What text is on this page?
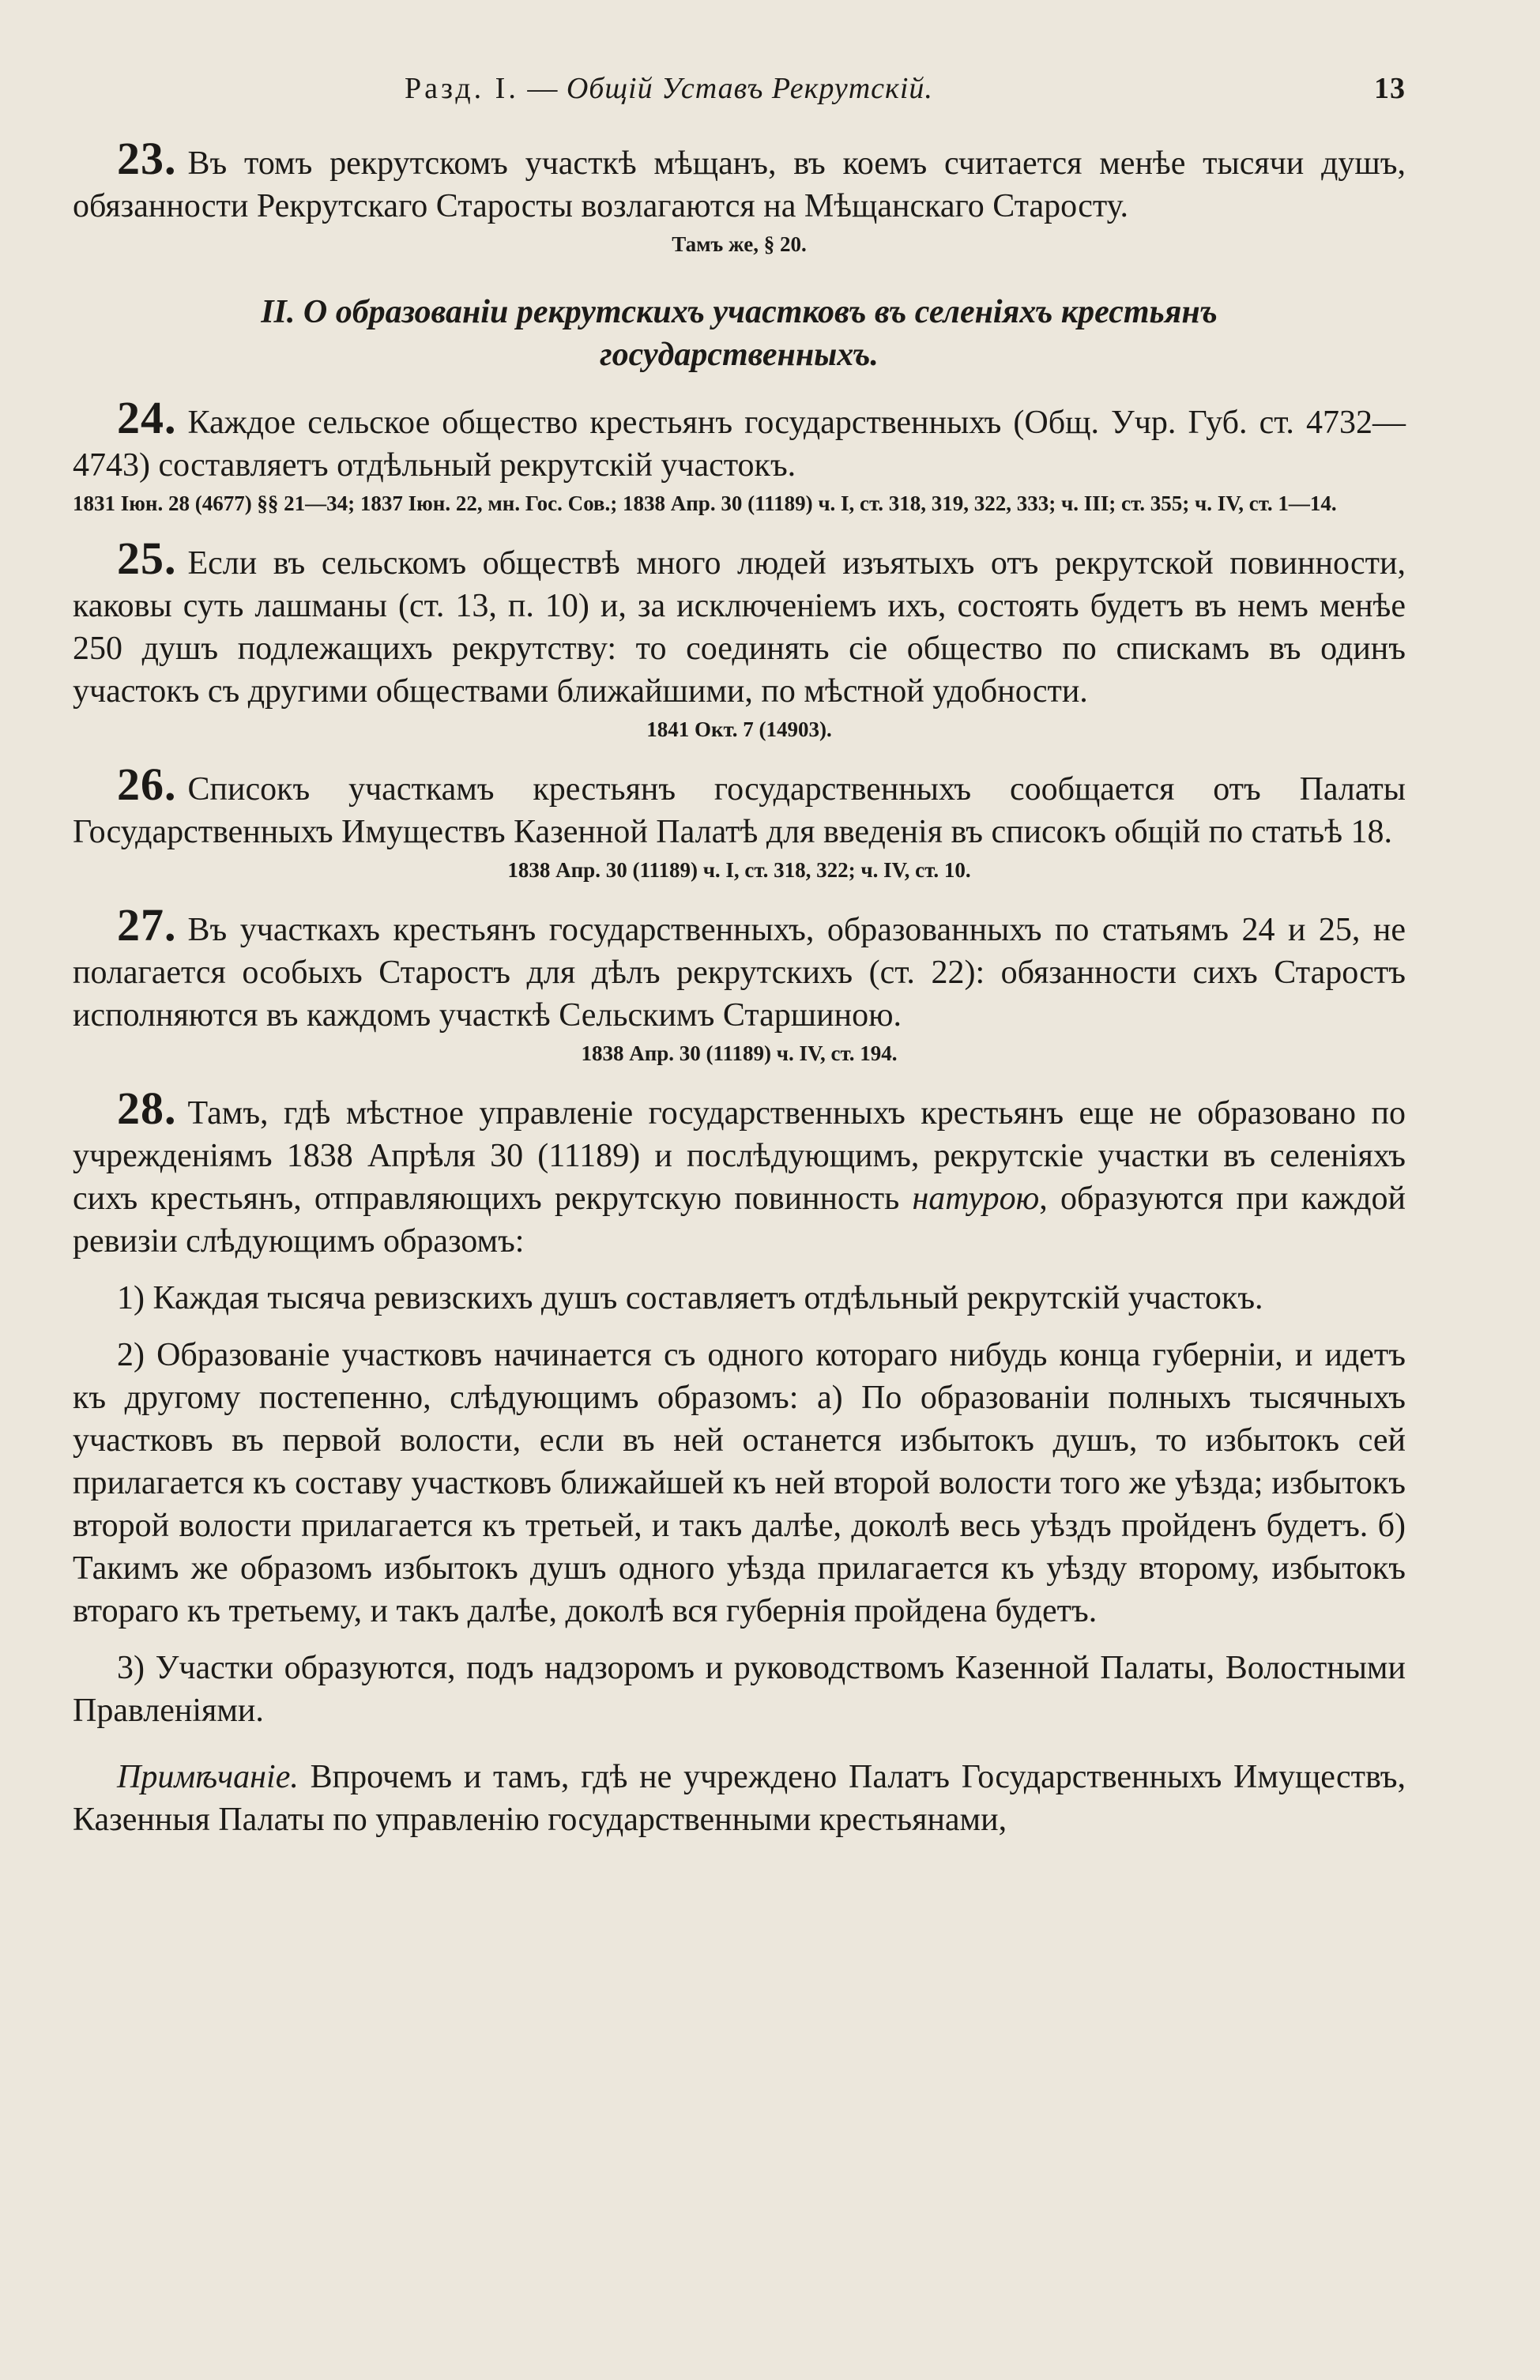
Разд. I. — Общій Уставъ Рекрутскій.	13

23. Въ томъ рекрутскомъ участкѣ мѣщанъ, въ коемъ считается менѣе тысячи душъ, обязанности Рекрутскаго Старосты возлагаются на Мѣщанскаго Старосту.

Тамъ же, § 20.

II. О образованіи рекрутскихъ участковъ въ селеніяхъ крестьянъ государственныхъ.

24. Каждое сельское общество крестьянъ государственныхъ (Общ. Учр. Губ. ст. 4732—4743) составляетъ отдѣльный рекрутскій участокъ.

1831 Іюн. 28 (4677) §§ 21—34; 1837 Іюн. 22, мн. Гос. Сов.; 1838 Апр. 30 (11189) ч. I, ст. 318, 319, 322, 333; ч. III; ст. 355; ч. IV, ст. 1—14.

25. Если въ сельскомъ обществѣ много людей изъятыхъ отъ рекрутской повинности, каковы суть лашманы (ст. 13, п. 10) и, за исключеніемъ ихъ, состоять будетъ въ немъ менѣе 250 душъ подлежащихъ рекрутству: то соединять сіе общество по спискамъ въ одинъ участокъ съ другими обществами ближайшими, по мѣстной удобности.

1841 Окт. 7 (14903).

26. Списокъ участкамъ крестьянъ государственныхъ сообщается отъ Палаты Государственныхъ Имуществъ Казенной Палатѣ для введенія въ списокъ общій по статьѣ 18.

1838 Апр. 30 (11189) ч. I, ст. 318, 322; ч. IV, ст. 10.

27. Въ участкахъ крестьянъ государственныхъ, образованныхъ по статьямъ 24 и 25, не полагается особыхъ Старостъ для дѣлъ рекрутскихъ (ст. 22): обязанности сихъ Старостъ исполняются въ каждомъ участкѣ Сельскимъ Старшиною.

1838 Апр. 30 (11189) ч. IV, ст. 194.

28. Тамъ, гдѣ мѣстное управленіе государственныхъ крестьянъ еще не образовано по учрежденіямъ 1838 Апрѣля 30 (11189) и послѣдующимъ, рекрутскіе участки въ селеніяхъ сихъ крестьянъ, отправляющихъ рекрутскую повинность натурою, образуются при каждой ревизіи слѣдующимъ образомъ:

1) Каждая тысяча ревизскихъ душъ составляетъ отдѣльный рекрутскій участокъ.

2) Образованіе участковъ начинается съ одного котораго нибудь конца губерніи, и идетъ къ другому постепенно, слѣдующимъ образомъ: а) По образованіи полныхъ тысячныхъ участковъ въ первой волости, если въ ней останется избытокъ душъ, то избытокъ сей прилагается къ составу участковъ ближайшей къ ней второй волости того же уѣзда; избытокъ второй волости прилагается къ третьей, и такъ далѣе, доколѣ весь уѣздъ пройденъ будетъ. б) Такимъ же образомъ избытокъ душъ одного уѣзда прилагается къ уѣзду второму, избытокъ втораго къ третьему, и такъ далѣе, доколѣ вся губернія пройдена будетъ.

3) Участки образуются, подъ надзоромъ и руководствомъ Казенной Палаты, Волостными Правленіями.

Примѣчаніе. Впрочемъ и тамъ, гдѣ не учреждено Палатъ Государственныхъ Имуществъ, Казенныя Палаты по управленію государственными крестьянами,
